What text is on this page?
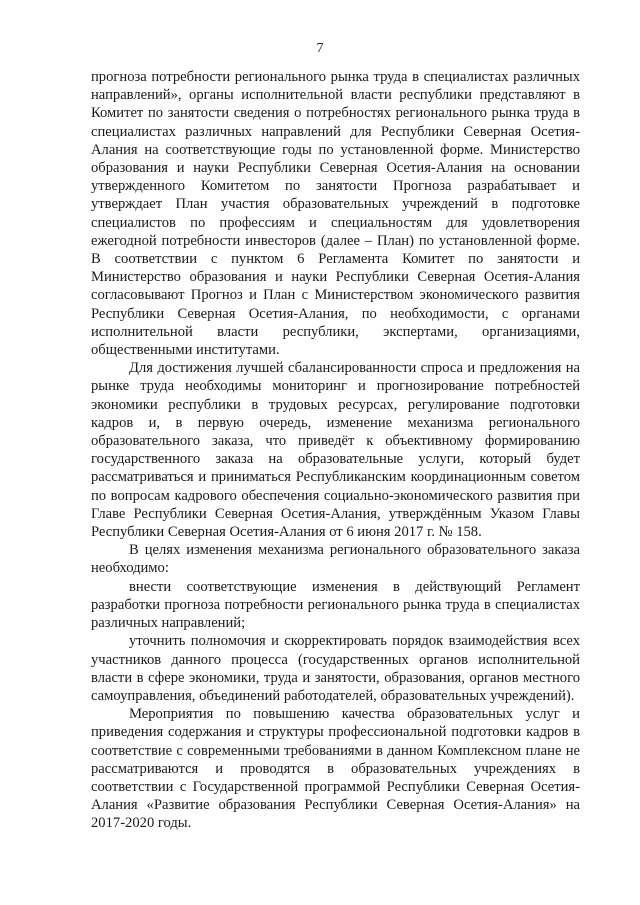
7

прогноза потребности регионального рынка труда в специалистах различных направлений», органы исполнительной власти республики представляют в Комитет по занятости сведения о потребностях регионального рынка труда в специалистах различных направлений для Республики Северная Осетия-Алания на соответствующие годы по установленной форме. Министерство образования и науки Республики Северная Осетия-Алания на основании утвержденного Комитетом по занятости Прогноза разрабатывает и утверждает План участия образовательных учреждений в подготовке специалистов по профессиям и специальностям для удовлетворения ежегодной потребности инвесторов (далее – План) по установленной форме. В соответствии с пунктом 6 Регламента Комитет по занятости и Министерство образования и науки Республики Северная Осетия-Алания согласовывают Прогноз и План с Министерством экономического развития Республики Северная Осетия-Алания, по необходимости, с органами исполнительной власти республики, экспертами, организациями, общественными институтами.

Для достижения лучшей сбалансированности спроса и предложения на рынке труда необходимы мониторинг и прогнозирование потребностей экономики республики в трудовых ресурсах, регулирование подготовки кадров и, в первую очередь, изменение механизма регионального образовательного заказа, что приведёт к объективному формированию государственного заказа на образовательные услуги, который будет рассматриваться и приниматься Республиканским координационным советом по вопросам кадрового обеспечения социально-экономического развития при Главе Республики Северная Осетия-Алания, утверждённым Указом Главы Республики Северная Осетия-Алания от 6 июня 2017 г. № 158.

В целях изменения механизма регионального образовательного заказа необходимо:

внести соответствующие изменения в действующий Регламент разработки прогноза потребности регионального рынка труда в специалистах различных направлений;

уточнить полномочия и скорректировать порядок взаимодействия всех участников данного процесса (государственных органов исполнительной власти в сфере экономики, труда и занятости, образования, органов местного самоуправления, объединений работодателей, образовательных учреждений).

Мероприятия по повышению качества образовательных услуг и приведения содержания и структуры профессиональной подготовки кадров в соответствие с современными требованиями в данном Комплексном плане не рассматриваются и проводятся в образовательных учреждениях в соответствии с Государственной программой Республики Северная Осетия-Алания «Развитие образования Республики Северная Осетия-Алания» на 2017-2020 годы.
